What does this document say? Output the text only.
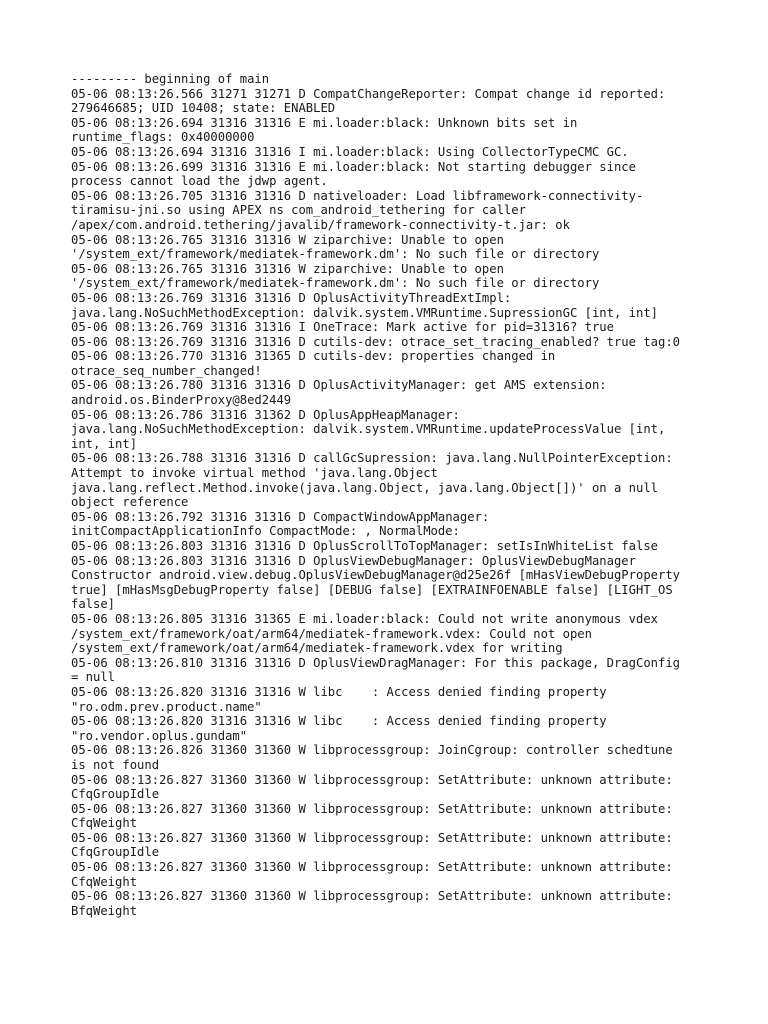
--------- beginning of main
05-06 08:13:26.566 31271 31271 D CompatChangeReporter: Compat change id reported:
279646685; UID 10408; state: ENABLED
05-06 08:13:26.694 31316 31316 E mi.loader:black: Unknown bits set in
runtime_flags: 0x40000000
05-06 08:13:26.694 31316 31316 I mi.loader:black: Using CollectorTypeCMC GC.
05-06 08:13:26.699 31316 31316 E mi.loader:black: Not starting debugger since
process cannot load the jdwp agent.
05-06 08:13:26.705 31316 31316 D nativeloader: Load libframework-connectivity-
tiramisu-jni.so using APEX ns com_android_tethering for caller
/apex/com.android.tethering/javalib/framework-connectivity-t.jar: ok
05-06 08:13:26.765 31316 31316 W ziparchive: Unable to open
'/system_ext/framework/mediatek-framework.dm': No such file or directory
05-06 08:13:26.765 31316 31316 W ziparchive: Unable to open
'/system_ext/framework/mediatek-framework.dm': No such file or directory
05-06 08:13:26.769 31316 31316 D OplusActivityThreadExtImpl:
java.lang.NoSuchMethodException: dalvik.system.VMRuntime.SupressionGC [int, int]
05-06 08:13:26.769 31316 31316 I OneTrace: Mark active for pid=31316? true
05-06 08:13:26.769 31316 31316 D cutils-dev: otrace_set_tracing_enabled? true tag:0
05-06 08:13:26.770 31316 31365 D cutils-dev: properties changed in
otrace_seq_number_changed!
05-06 08:13:26.780 31316 31316 D OplusActivityManager: get AMS extension:
android.os.BinderProxy@8ed2449
05-06 08:13:26.786 31316 31362 D OplusAppHeapManager:
java.lang.NoSuchMethodException: dalvik.system.VMRuntime.updateProcessValue [int,
int, int]
05-06 08:13:26.788 31316 31316 D callGcSupression: java.lang.NullPointerException:
Attempt to invoke virtual method 'java.lang.Object
java.lang.reflect.Method.invoke(java.lang.Object, java.lang.Object[])' on a null
object reference
05-06 08:13:26.792 31316 31316 D CompactWindowAppManager:
initCompactApplicationInfo CompactMode: , NormalMode:
05-06 08:13:26.803 31316 31316 D OplusScrollToTopManager: setIsInWhiteList false
05-06 08:13:26.803 31316 31316 D OplusViewDebugManager: OplusViewDebugManager
Constructor android.view.debug.OplusViewDebugManager@d25e26f [mHasViewDebugProperty
true] [mHasMsgDebugProperty false] [DEBUG false] [EXTRAINFOENABLE false] [LIGHT_OS
false]
05-06 08:13:26.805 31316 31365 E mi.loader:black: Could not write anonymous vdex
/system_ext/framework/oat/arm64/mediatek-framework.vdex: Could not open
/system_ext/framework/oat/arm64/mediatek-framework.vdex for writing
05-06 08:13:26.810 31316 31316 D OplusViewDragManager: For this package, DragConfig
= null
05-06 08:13:26.820 31316 31316 W libc    : Access denied finding property
"ro.odm.prev.product.name"
05-06 08:13:26.820 31316 31316 W libc    : Access denied finding property
"ro.vendor.oplus.gundam"
05-06 08:13:26.826 31360 31360 W libprocessgroup: JoinCgroup: controller schedtune
is not found
05-06 08:13:26.827 31360 31360 W libprocessgroup: SetAttribute: unknown attribute:
CfqGroupIdle
05-06 08:13:26.827 31360 31360 W libprocessgroup: SetAttribute: unknown attribute:
CfqWeight
05-06 08:13:26.827 31360 31360 W libprocessgroup: SetAttribute: unknown attribute:
CfqGroupIdle
05-06 08:13:26.827 31360 31360 W libprocessgroup: SetAttribute: unknown attribute:
CfqWeight
05-06 08:13:26.827 31360 31360 W libprocessgroup: SetAttribute: unknown attribute:
BfqWeight
